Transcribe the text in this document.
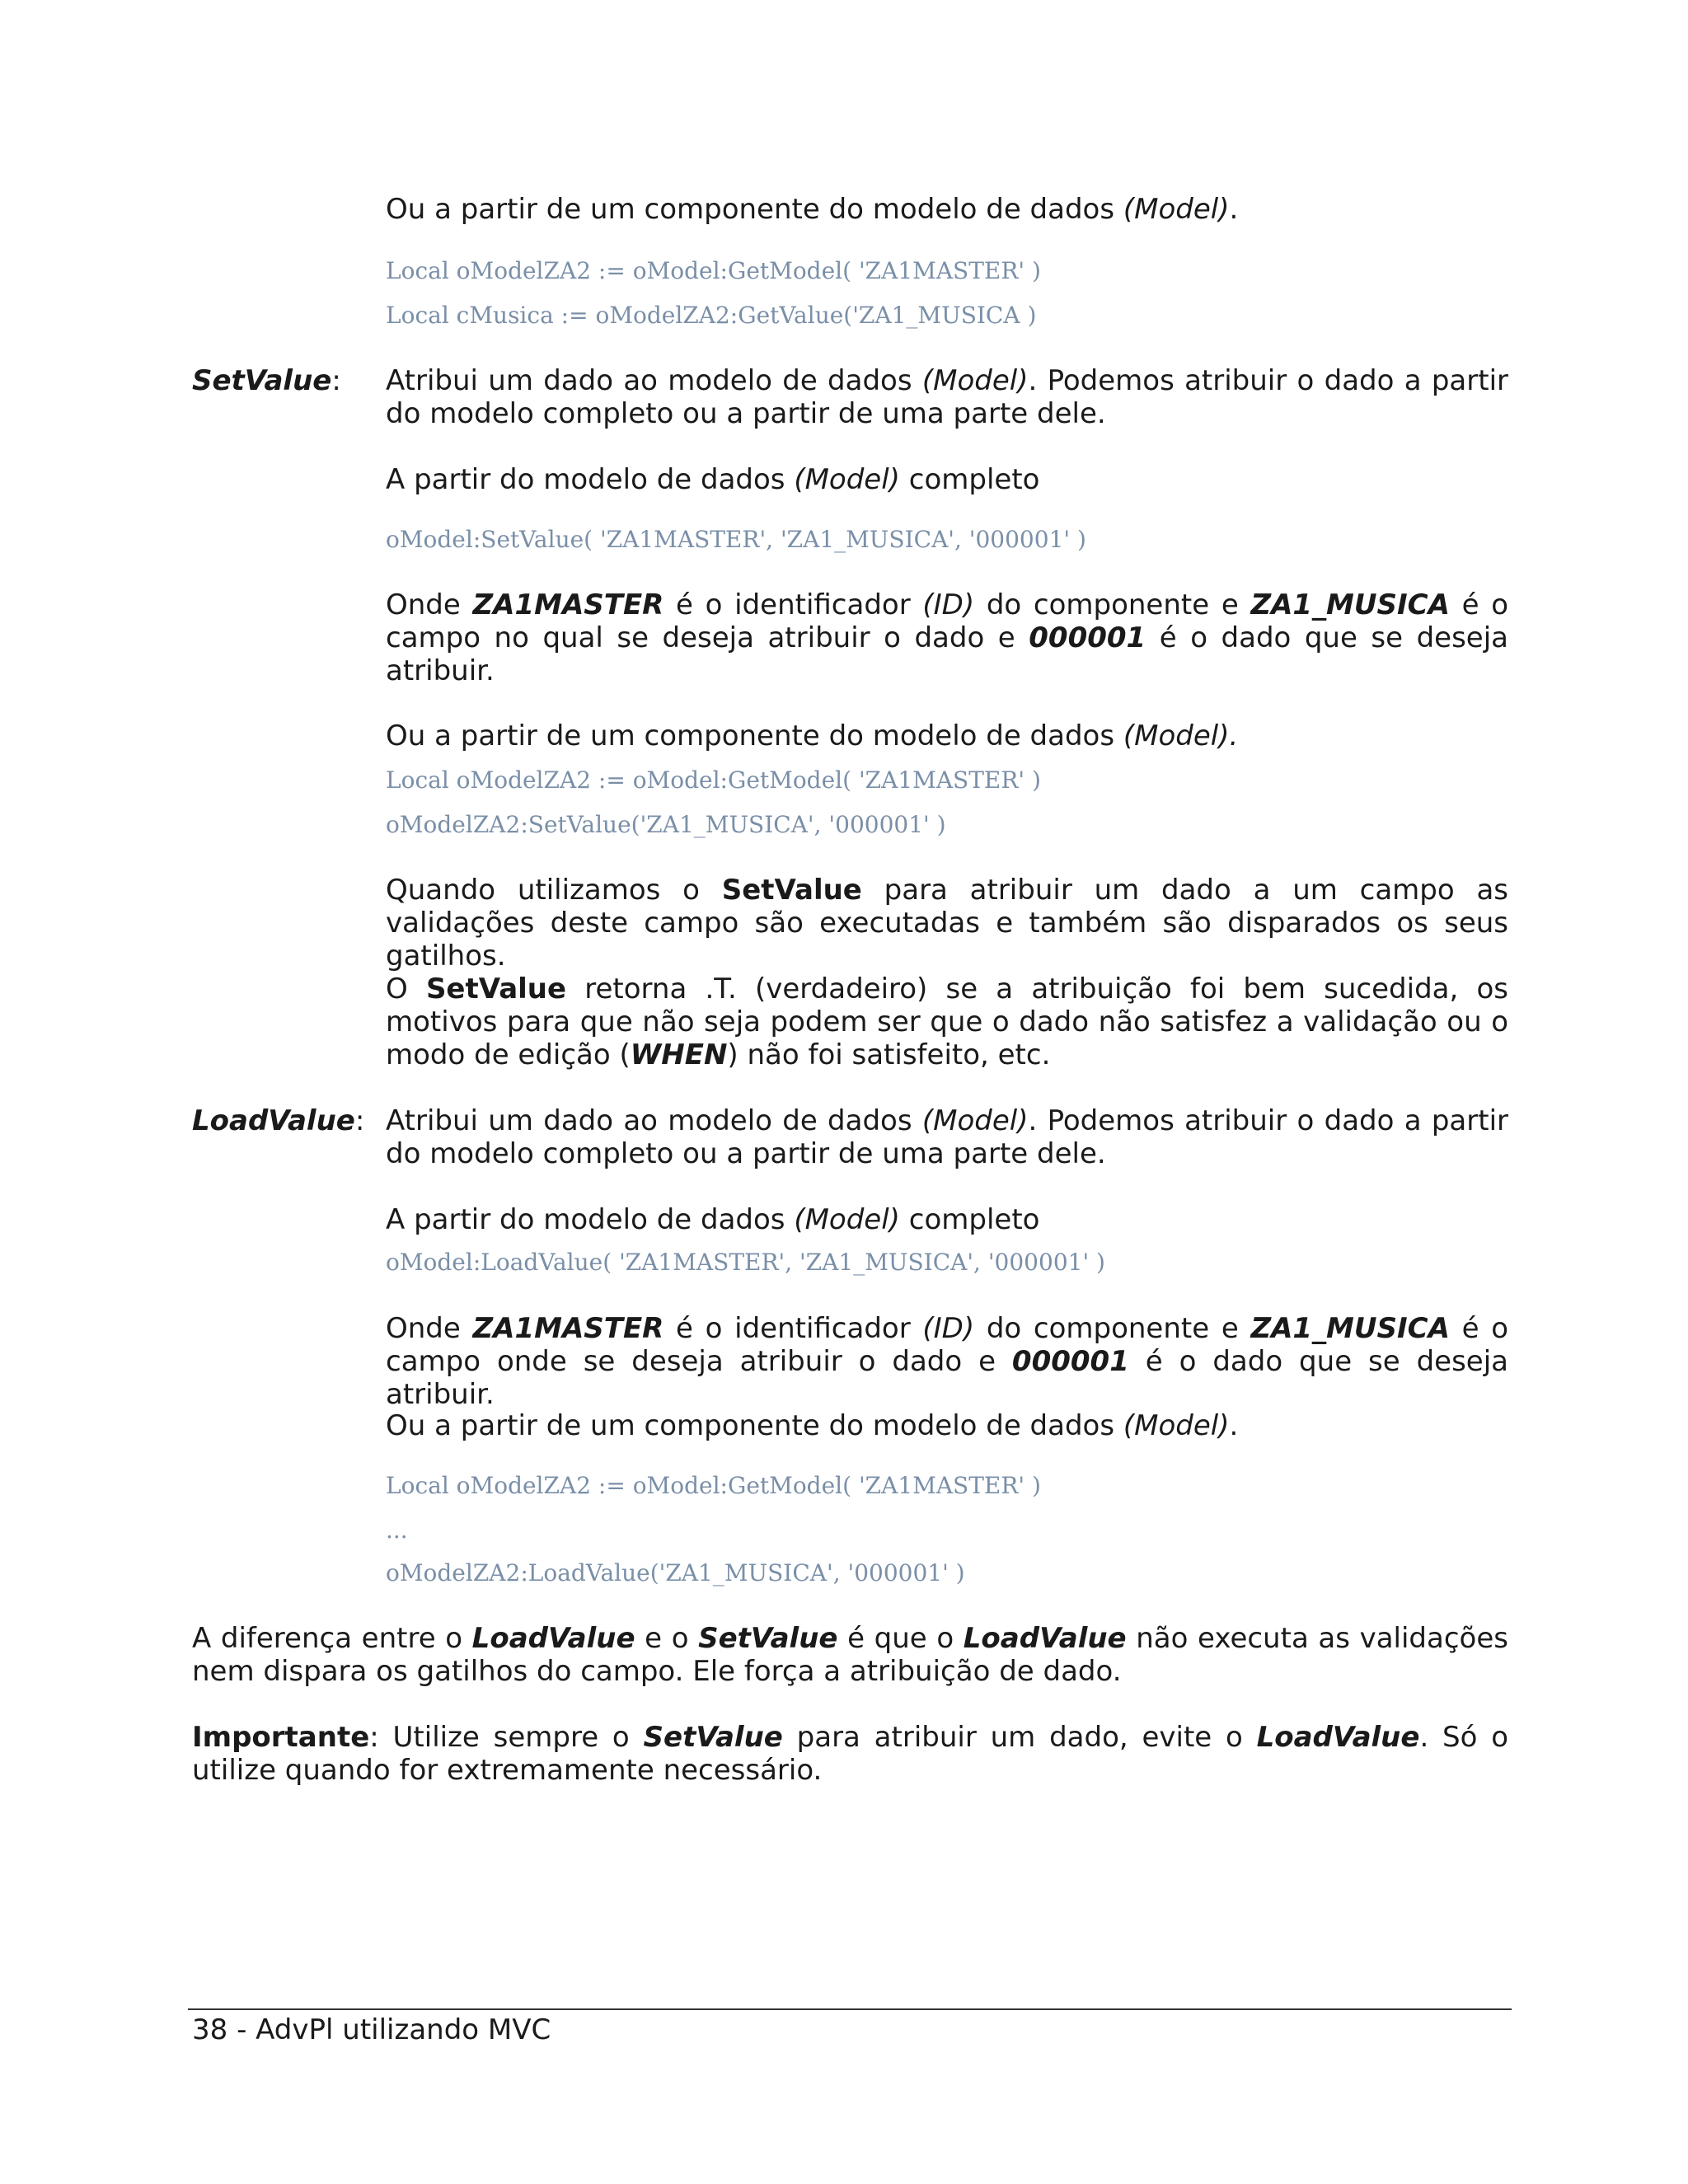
Ou a partir de um componente do modelo de dados (Model).

Local oModelZA2 := oModel:GetModel( 'ZA1MASTER' )
Local cMusica := oModelZA2:GetValue('ZA1_MUSICA )
SetValue: Atribui um dado ao modelo de dados (Model). Podemos atribuir o dado a partir do modelo completo ou a partir de uma parte dele.

A partir do modelo de dados (Model) completo

oModel:SetValue( 'ZA1MASTER', 'ZA1_MUSICA', '000001' )

Onde ZA1MASTER é o identificador (ID) do componente e ZA1_MUSICA é o campo no qual se deseja atribuir o dado e 000001 é o dado que se deseja atribuir.

Ou a partir de um componente do modelo de dados (Model).

Local oModelZA2 := oModel:GetModel( 'ZA1MASTER' )
oModelZA2:SetValue('ZA1_MUSICA', '000001' )

Quando utilizamos o SetValue para atribuir um dado a um campo as validações deste campo são executadas e também são disparados os seus gatilhos.

O SetValue retorna .T. (verdadeiro) se a atribuição foi bem sucedida, os motivos para que não seja podem ser que o dado não satisfez a validação ou o modo de edição (WHEN) não foi satisfeito, etc.

LoadValue: Atribui um dado ao modelo de dados (Model). Podemos atribuir o dado a partir do modelo completo ou a partir de uma parte dele.

A partir do modelo de dados (Model) completo

oModel:LoadValue( 'ZA1MASTER', 'ZA1_MUSICA', '000001' )

Onde ZA1MASTER é o identificador (ID) do componente e ZA1_MUSICA é o campo onde se deseja atribuir o dado e 000001 é o dado que se deseja atribuir.

Ou a partir de um componente do modelo de dados (Model).

Local oModelZA2 := oModel:GetModel( 'ZA1MASTER' )
...
oModelZA2:LoadValue('ZA1_MUSICA', '000001' )

A diferença entre o LoadValue e o SetValue é que o LoadValue não executa as validações nem dispara os gatilhos do campo. Ele força a atribuição de dado.

Importante: Utilize sempre o SetValue para atribuir um dado, evite o LoadValue. Só o utilize quando for extremamente necessário.

38 - AdvPl utilizando MVC
